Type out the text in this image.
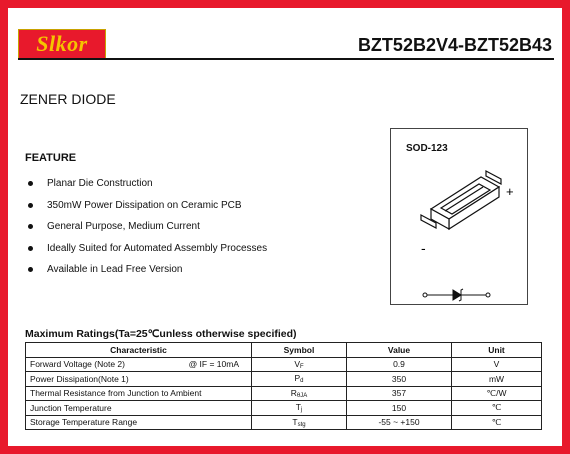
Slkor	BZT52B2V4-BZT52B43
ZENER DIODE
FEATURE
Planar Die Construction
350mW Power Dissipation on Ceramic PCB
General Purpose, Medium Current
Ideally Suited for Automated Assembly Processes
Available in Lead Free Version
SOD-123
+
-
Maximum Ratings(Ta=25℃unless otherwise specified)
Characteristic	Symbol	Value	Unit
Forward Voltage (Note 2) @ IF = 10mA	VF	0.9	V
Power Dissipation(Note 1)	Pd	350	mW
Thermal Resistance from Junction to Ambient	RθJA	357	℃/W
Junction Temperature	Tj	150	℃
Storage Temperature Range	Tstg	-55 ~ +150	℃
